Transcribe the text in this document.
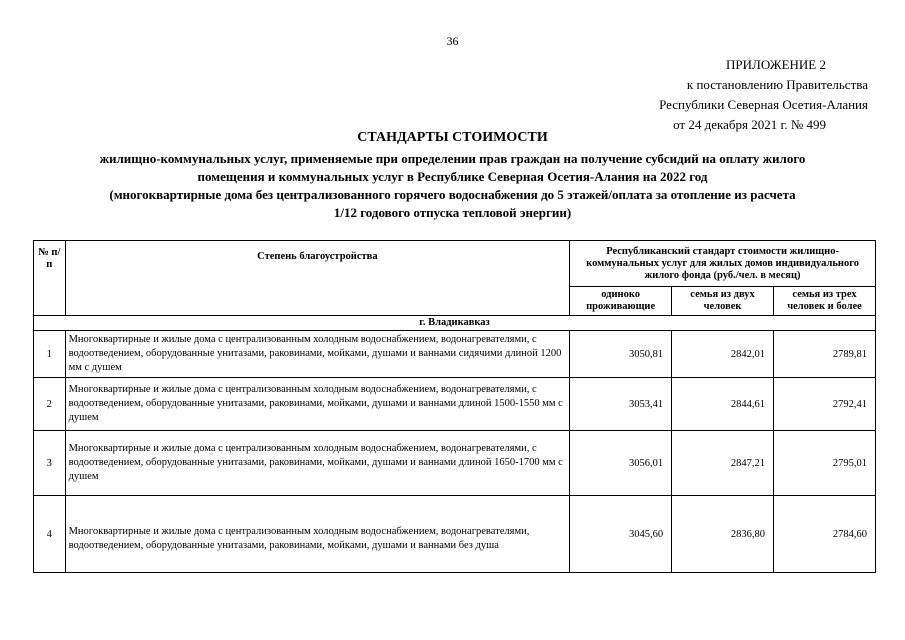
36
ПРИЛОЖЕНИЕ 2
к постановлению Правительства
Республики Северная Осетия-Алания
от 24 декабря 2021 г. № 499
СТАНДАРТЫ СТОИМОСТИ
жилищно-коммунальных услуг, применяемые при определении прав граждан на получение субсидий на оплату жилого
помещения и коммунальных услуг в Республике Северная Осетия-Алания на 2022 год
(многоквартирные дома без централизованного горячего водоснабжения до 5 этажей/оплата за отопление из расчета
1/12 годового отпуска тепловой энергии)
№ п/п	Степень благоустройства	Республиканский стандарт стоимости жилищно-коммунальных услуг для жилых домов индивидуального жилого фонда (руб./чел. в месяц)		
		одиноко проживающие	семья из двух человек	семья из трех человек и более
г. Владикавказ				
1	Многоквартирные и жилые дома с централизованным холодным водоснабжением, водонагревателями, с водоотведением, оборудованные унитазами, раковинами, мойками, душами и ваннами сидячими длиной 1200 мм с душем	3050,81	2842,01	2789,81
2	Многоквартирные и жилые дома с централизованным холодным водоснабжением, водонагревателями, с водоотведением, оборудованные унитазами, раковинами, мойками, душами и ваннами длиной 1500-1550 мм с душем	3053,41	2844,61	2792,41
3	Многоквартирные и жилые дома с централизованным холодным водоснабжением, водонагревателями, с водоотведением, оборудованные унитазами, раковинами, мойками, душами и ваннами длиной 1650-1700 мм с душем	3056,01	2847,21	2795,01
4	Многоквартирные и жилые дома с централизованным холодным водоснабжением, водонагревателями, водоотведением, оборудованные унитазами, раковинами, мойками, душами и ваннами без душа	3045,60	2836,80	2784,60
